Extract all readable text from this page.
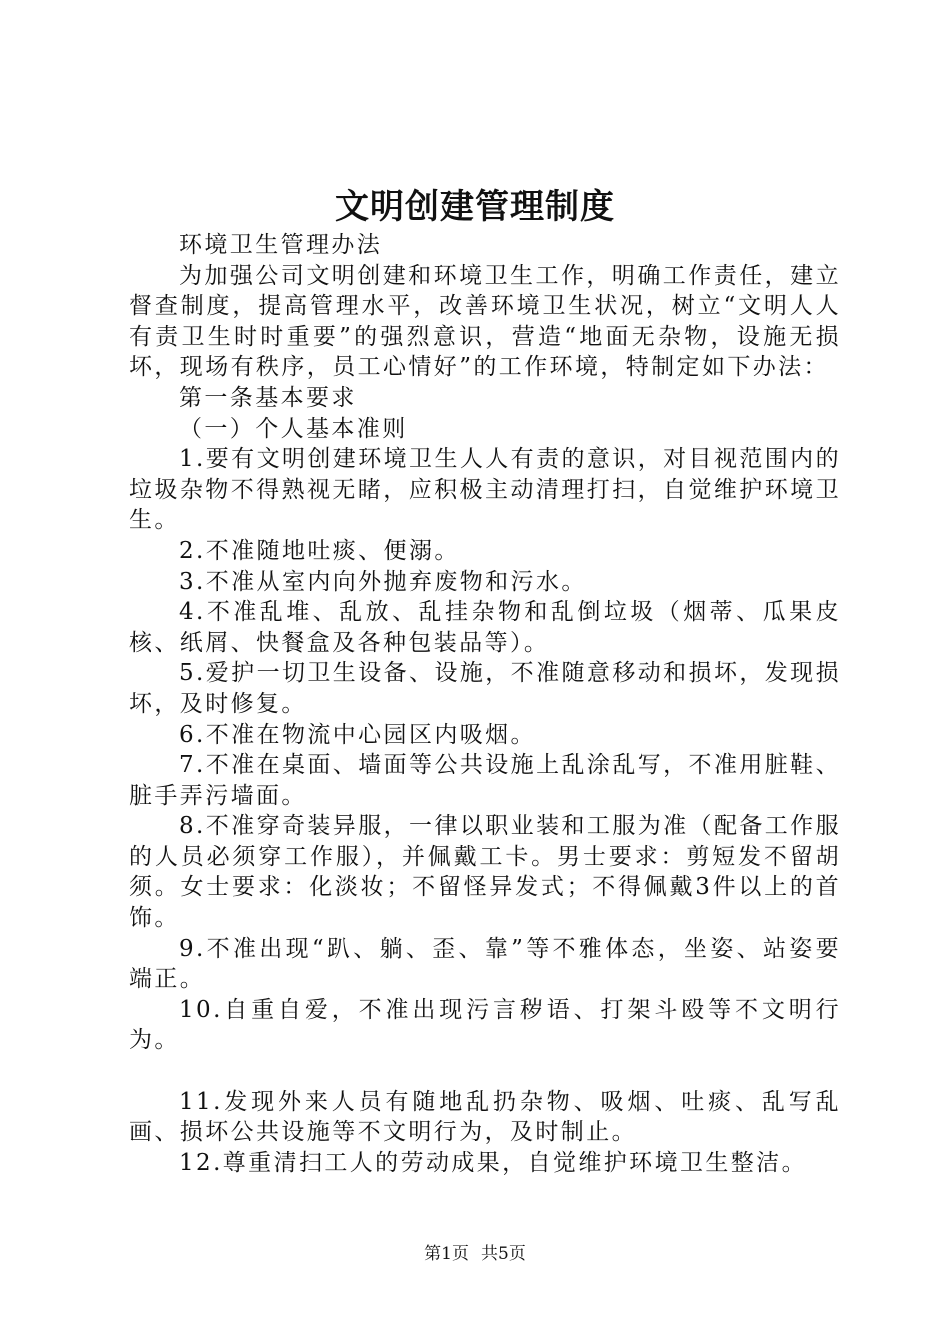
文明创建管理制度

环境卫生管理办法

为加强公司文明创建和环境卫生工作，明确工作责任，建立督查制度，提高管理水平，改善环境卫生状况，树立“文明人人有责卫生时时重要”的强烈意识，营造“地面无杂物，设施无损坏，现场有秩序，员工心情好”的工作环境，特制定如下办法：

第一条基本要求

（一）个人基本准则

1.要有文明创建环境卫生人人有责的意识，对目视范围内的垃圾杂物不得熟视无睹，应积极主动清理打扫，自觉维护环境卫生。

2.不准随地吐痰、便溺。

3.不准从室内向外抛弃废物和污水。

4.不准乱堆、乱放、乱挂杂物和乱倒垃圾（烟蒂、瓜果皮核、纸屑、快餐盒及各种包装品等）。

5.爱护一切卫生设备、设施，不准随意移动和损坏，发现损坏，及时修复。

6.不准在物流中心园区内吸烟。

7.不准在桌面、墙面等公共设施上乱涂乱写，不准用脏鞋、脏手弄污墙面。

8.不准穿奇装异服，一律以职业装和工服为准（配备工作服的人员必须穿工作服），并佩戴工卡。男士要求：剪短发不留胡须。女士要求：化淡妆；不留怪异发式；不得佩戴3件以上的首饰。

9.不准出现“趴、躺、歪、靠”等不雅体态，坐姿、站姿要端正。

10.自重自爱，不准出现污言秽语、打架斗殴等不文明行为。

11.发现外来人员有随地乱扔杂物、吸烟、吐痰、乱写乱画、损坏公共设施等不文明行为，及时制止。

12.尊重清扫工人的劳动成果，自觉维护环境卫生整洁。

第1页 共5页
